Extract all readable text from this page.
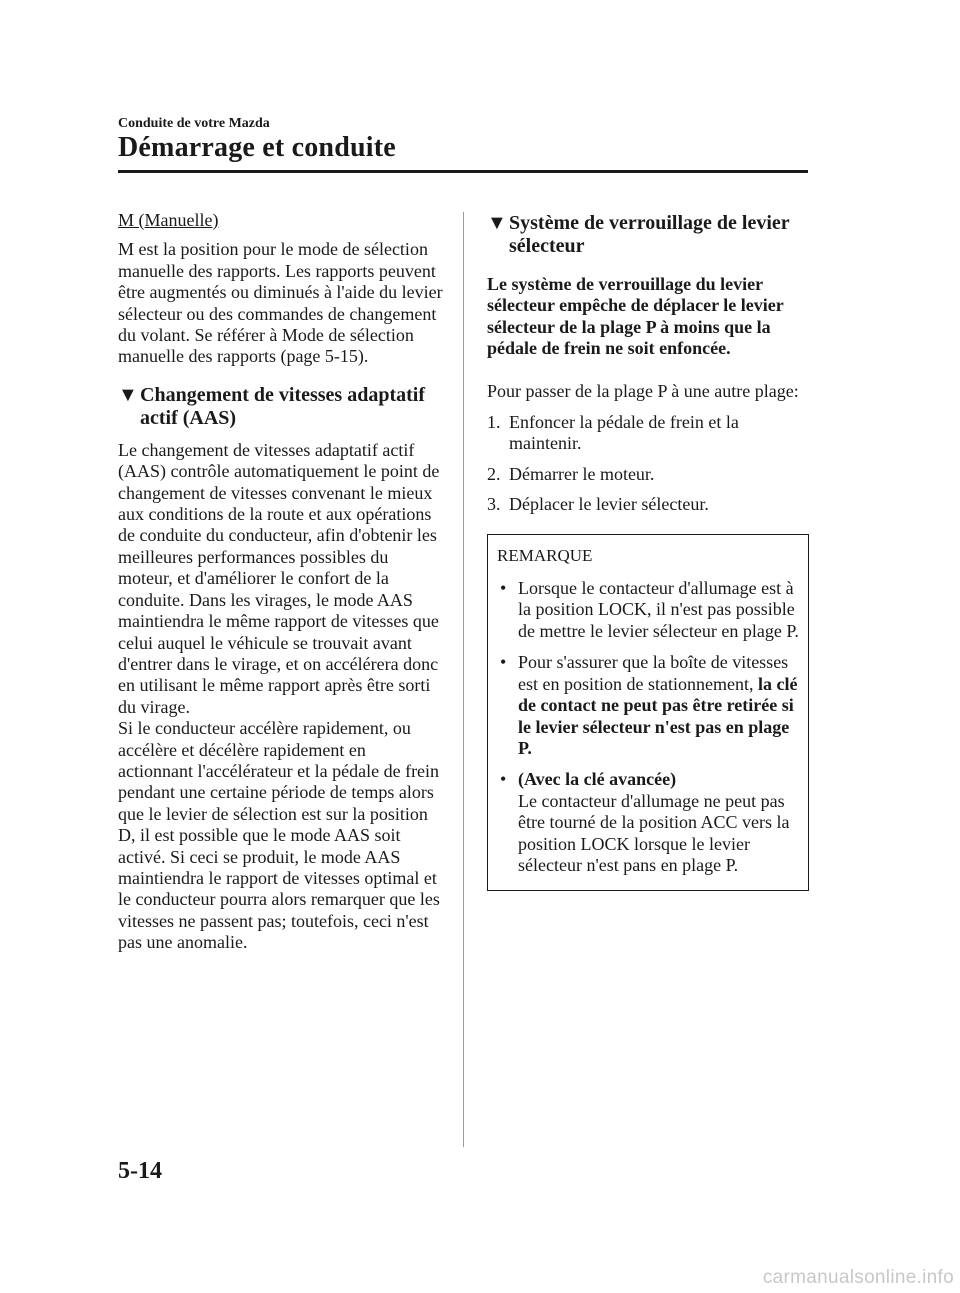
Conduite de votre Mazda
Démarrage et conduite

M (Manuelle)

M est la position pour le mode de sélection manuelle des rapports. Les rapports peuvent être augmentés ou diminués à l'aide du levier sélecteur ou des commandes de changement du volant. Se référer à Mode de sélection manuelle des rapports (page 5-15).

▼ Changement de vitesses adaptatif actif (AAS)

Le changement de vitesses adaptatif actif (AAS) contrôle automatiquement le point de changement de vitesses convenant le mieux aux conditions de la route et aux opérations de conduite du conducteur, afin d'obtenir les meilleures performances possibles du moteur, et d'améliorer le confort de la conduite. Dans les virages, le mode AAS maintiendra le même rapport de vitesses que celui auquel le véhicule se trouvait avant d'entrer dans le virage, et on accélérera donc en utilisant le même rapport après être sorti du virage.

Si le conducteur accélère rapidement, ou accélère et décélère rapidement en actionnant l'accélérateur et la pédale de frein pendant une certaine période de temps alors que le levier de sélection est sur la position D, il est possible que le mode AAS soit activé. Si ceci se produit, le mode AAS maintiendra le rapport de vitesses optimal et le conducteur pourra alors remarquer que les vitesses ne passent pas; toutefois, ceci n'est pas une anomalie.

▼ Système de verrouillage de levier sélecteur

Le système de verrouillage du levier sélecteur empêche de déplacer le levier sélecteur de la plage P à moins que la pédale de frein ne soit enfoncée.

Pour passer de la plage P à une autre plage:

1. Enfoncer la pédale de frein et la maintenir.
2. Démarrer le moteur.
3. Déplacer le levier sélecteur.
REMARQUE
• Lorsque le contacteur d'allumage est à la position LOCK, il n'est pas possible de mettre le levier sélecteur en plage P.
• Pour s'assurer que la boîte de vitesses est en position de stationnement, la clé de contact ne peut pas être retirée si le levier sélecteur n'est pas en plage P.
• (Avec la clé avancée)
Le contacteur d'allumage ne peut pas être tourné de la position ACC vers la position LOCK lorsque le levier sélecteur n'est pans en plage P.
5-14
carmanualsonline.info
